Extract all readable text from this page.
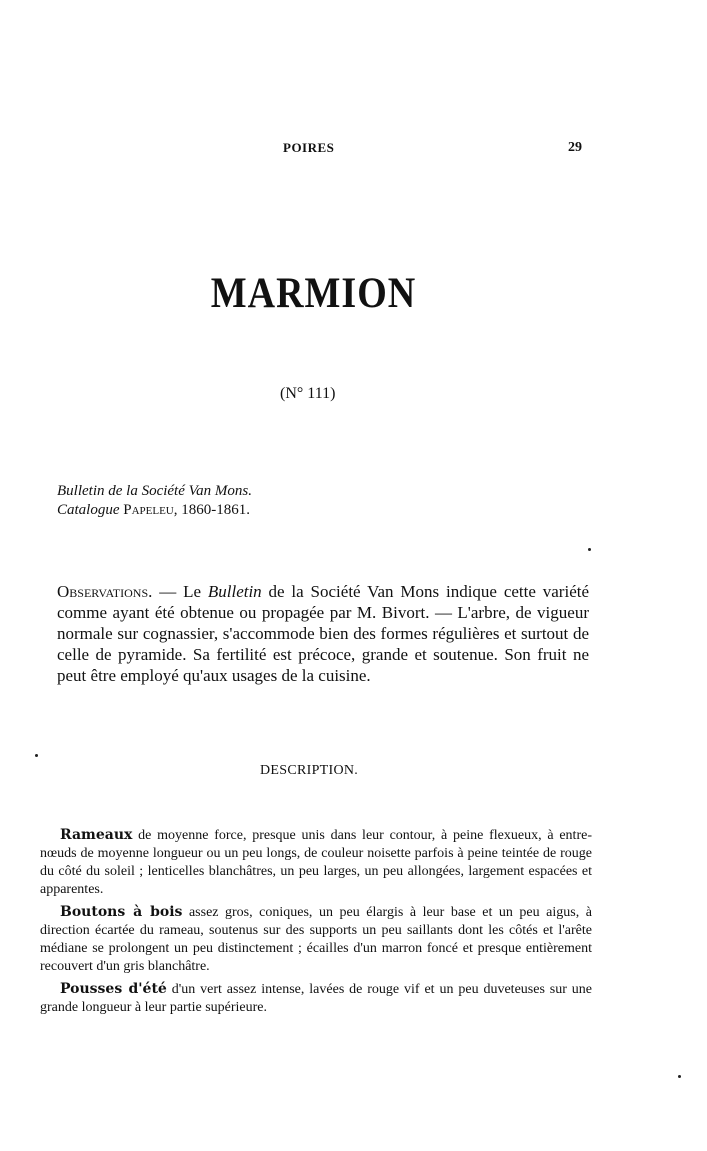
POIRES	29
MARMION
(N° 111)
Bulletin de la Société Van Mons.
Catalogue Papeleu, 1860-1861.

Observations. — Le Bulletin de la Société Van Mons indique cette variété comme ayant été obtenue ou propagée par M. Bivort. — L'arbre, de vigueur normale sur cognassier, s'accommode bien des formes régulières et surtout de celle de pyramide. Sa fertilité est précoce, grande et soutenue. Son fruit ne peut être employé qu'aux usages de la cuisine.

DESCRIPTION.

Rameaux de moyenne force, presque unis dans leur contour, à peine flexueux, à entre-nœuds de moyenne longueur ou un peu longs, de couleur noisette parfois à peine teintée de rouge du côté du soleil ; lenticelles blanchâtres, un peu larges, un peu allongées, largement espacées et apparentes.

Boutons à bois assez gros, coniques, un peu élargis à leur base et un peu aigus, à direction écartée du rameau, soutenus sur des supports un peu saillants dont les côtés et l'arête médiane se prolongent un peu distinctement ; écailles d'un marron foncé et presque entièrement recouvert d'un gris blanchâtre.

Pousses d'été d'un vert assez intense, lavées de rouge vif et un peu duveteuses sur une grande longueur à leur partie supérieure.
